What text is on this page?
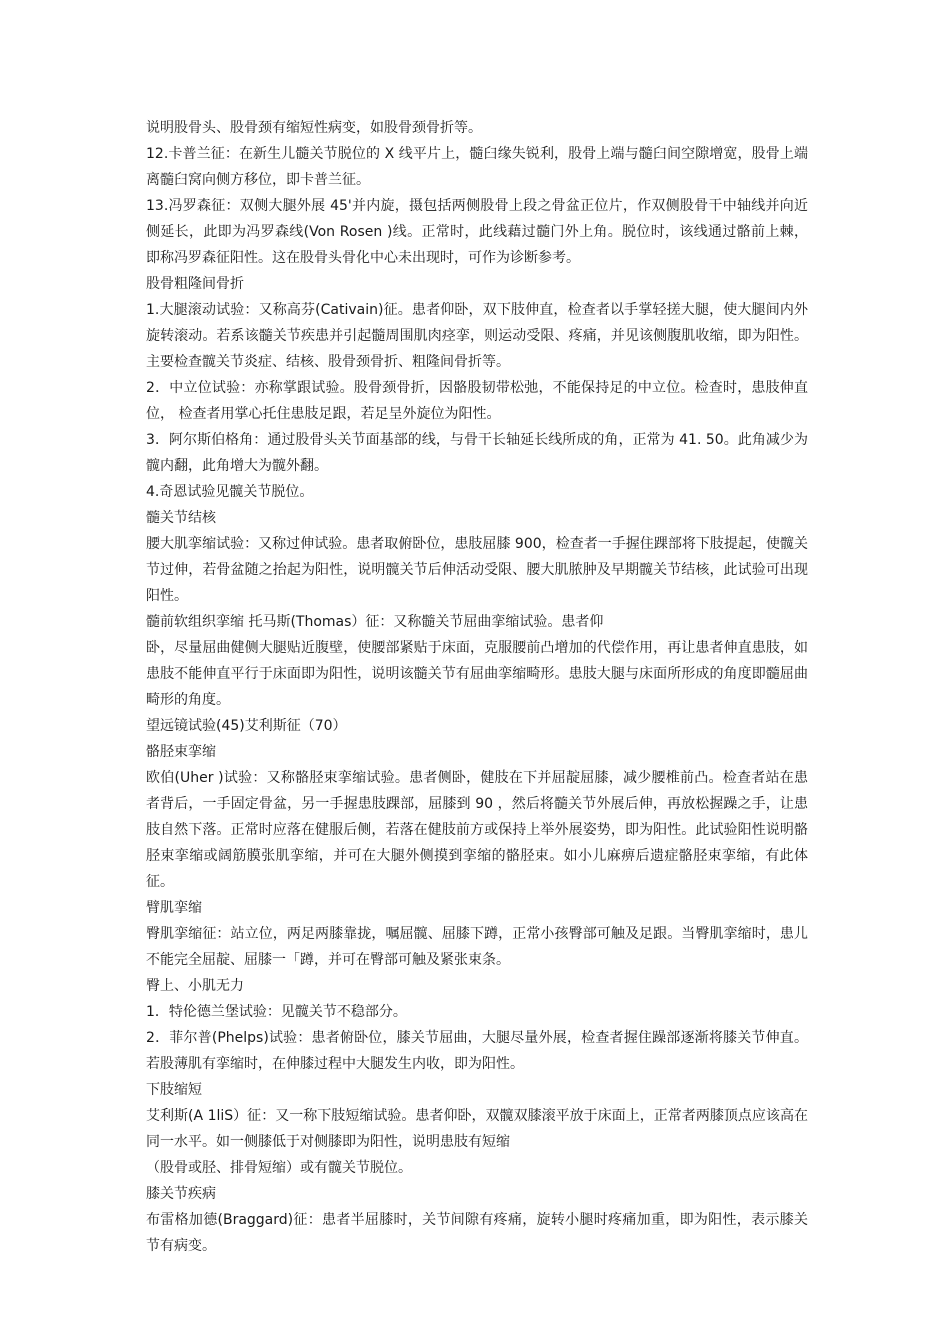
说明股骨头、股骨颈有缩短性病变，如股骨颈骨折等。

12.卡普兰征：在新生儿髓关节脱位的 X 线平片上，髓臼缘失锐利，股骨上端与髓臼间空隙增宽，股骨上端离髓臼窝向侧方移位，即卡普兰征。

13.冯罗森征：双侧大腿外展 45'并内旋，摄包括两侧股骨上段之骨盆正位片，作双侧股骨干中轴线并向近侧延长，此即为冯罗森线(Von Rosen )线。正常时，此线藉过髓门外上角。脱位时，该线通过骼前上棘，即称冯罗森征阳性。这在股骨头骨化中心未出现时，可作为诊断参考。

股骨粗隆间骨折

1.大腿滚动试验：又称高芬(Cativain)征。患者仰卧，双下肢伸直，检查者以手掌轻搓大腿，使大腿间内外旋转滚动。若系该髓关节疾患并引起髓周围肌肉痉挛，则运动受限、疼痛，并见该侧腹肌收缩，即为阳性。主要检查髋关节炎症、结核、股骨颈骨折、粗隆间骨折等。

2．中立位试验：亦称掌跟试验。股骨颈骨折，因骼股韧带松弛，不能保持足的中立位。检查时，患肢伸直位， 检查者用掌心托住患肢足跟，若足呈外旋位为阳性。

3．阿尔斯伯格角：通过股骨头关节面基部的线，与骨干长轴延长线所成的角，正常为 41. 50。此角减少为髋内翻，此角增大为髋外翻。

4.奇恩试验见髋关节脱位。

髓关节结核

腰大肌挛缩试验：又称过伸试验。患者取俯卧位，患肢屈膝 900，检查者一手握住踝部将下肢提起，使髋关节过伸，若骨盆随之抬起为阳性，说明髋关节后伸活动受限、腰大肌脓肿及早期髋关节结核，此试验可出现阳性。

髓前软组织挛缩 托马斯(Thomas）征：又称髓关节屈曲挛缩试验。患者仰

卧，尽量屈曲健侧大腿贴近腹壁，使腰部紧贴于床面，克服腰前凸增加的代偿作用，再让患者伸直患肢，如患肢不能伸直平行于床面即为阳性，说明该髓关节有屈曲挛缩畸形。患肢大腿与床面所形成的角度即髓屈曲畸形的角度。

望远镜试验(45)艾利斯征（70）

骼胫束挛缩

欧伯(Uher )试验：又称骼胫束挛缩试验。患者侧卧，健肢在下并屈靛屈膝，减少腰椎前凸。检查者站在患者背后，一手固定骨盆，另一手握患肢踝部，屈膝到 90 ，然后将髓关节外展后伸，再放松握躁之手，让患肢自然下落。正常时应落在健服后侧，若落在健肢前方或保持上举外展姿势，即为阳性。此试验阳性说明骼胫束挛缩或阔筋膜张肌挛缩，并可在大腿外侧摸到挛缩的骼胫束。如小儿麻痹后遗症骼胫束挛缩，有此体征。

臂肌挛缩

臀肌挛缩征：站立位，两足两膝靠拢，嘱屈髋、屈膝下蹲，正常小孩臀部可触及足跟。当臀肌挛缩时，患儿不能完全屈靛、屈膝一「蹲，并可在臀部可触及紧张束条。

臀上、小肌无力

1．特伦德兰堡试验：见髋关节不稳部分。

2．菲尔普(Phelps)试验：患者俯卧位，膝关节屈曲，大腿尽量外展，检查者握住躁部逐渐将膝关节伸直。若股薄肌有挛缩时，在伸膝过程中大腿发生内收，即为阳性。

下肢缩短

艾利斯(A 1liS）征：又一称下肢短缩试验。患者仰卧，双髋双膝滚平放于床面上，正常者两膝顶点应该高在同一水平。如一侧膝低于对侧膝即为阳性，说明患肢有短缩

（股骨或胫、排骨短缩）或有髋关节脱位。

膝关节疾病

布雷格加德(Braggard)征：患者半屈膝时，关节间隙有疼痛，旋转小腿时疼痛加重，即为阳性，表示膝关节有病变。
